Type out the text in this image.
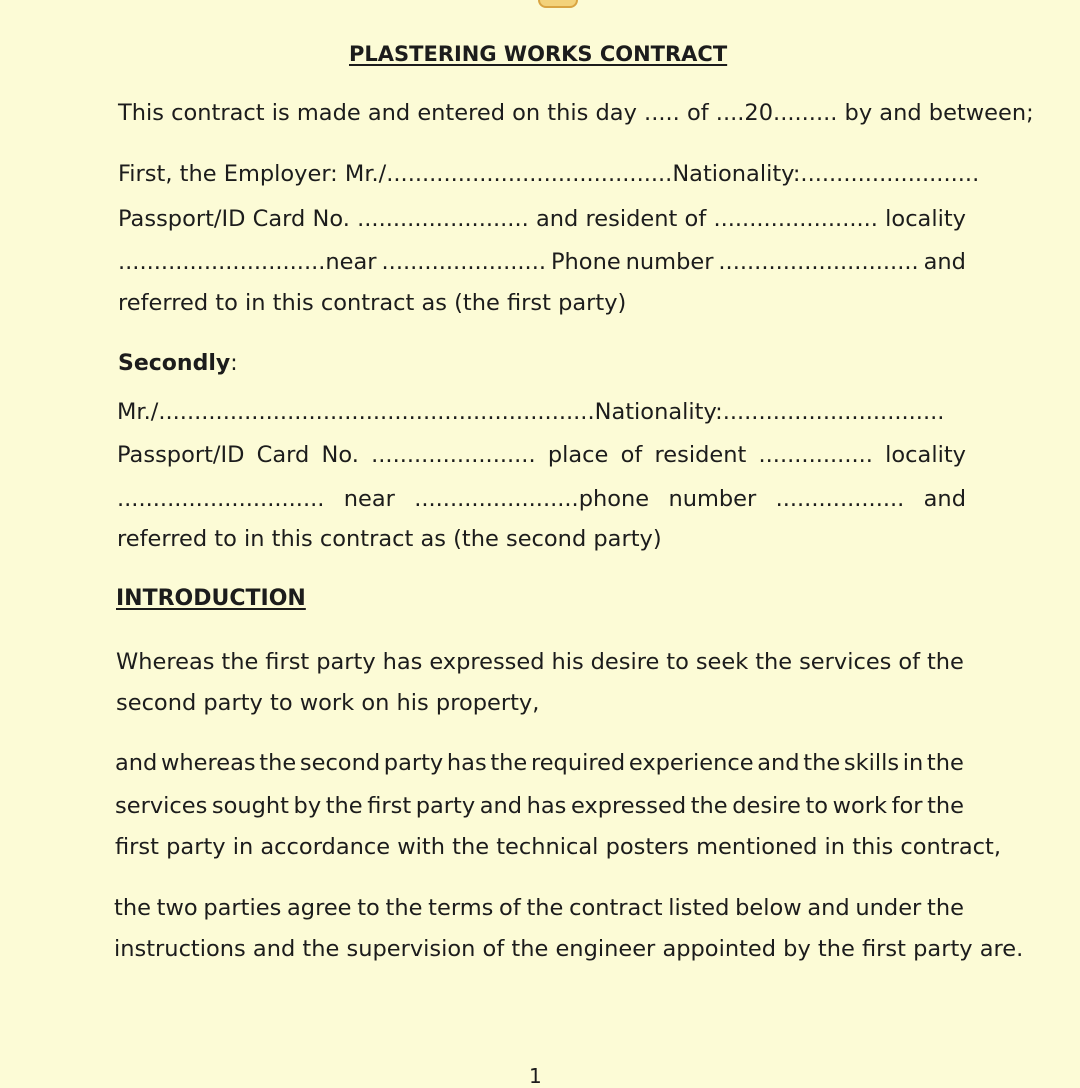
PLASTERING WORKS CONTRACT
This contract is made and entered on this day ..... of ....20......... by and between;
First, the Employer: Mr./........................................Nationality:.........................
Passport/ID Card No. ........................ and resident of ....................... locality
.............................near ....................... Phone number ............................ and
referred to in this contract as (the first party)
Secondly:
Mr./.............................................................Nationality:...............................
Passport/ID Card No. ....................... place of resident ................ locality
............................. near .......................phone number .................. and
referred to in this contract as (the second party)
INTRODUCTION
Whereas the first party has expressed his desire to seek the services of the
second party to work on his property,
and whereas the second party has the required experience and the skills in the
services sought by the first party and has expressed the desire to work for the
first party in accordance with the technical posters mentioned in this contract,
the two parties agree to the terms of the contract listed below and under the
instructions and the supervision of the engineer appointed by the first party are.
1
